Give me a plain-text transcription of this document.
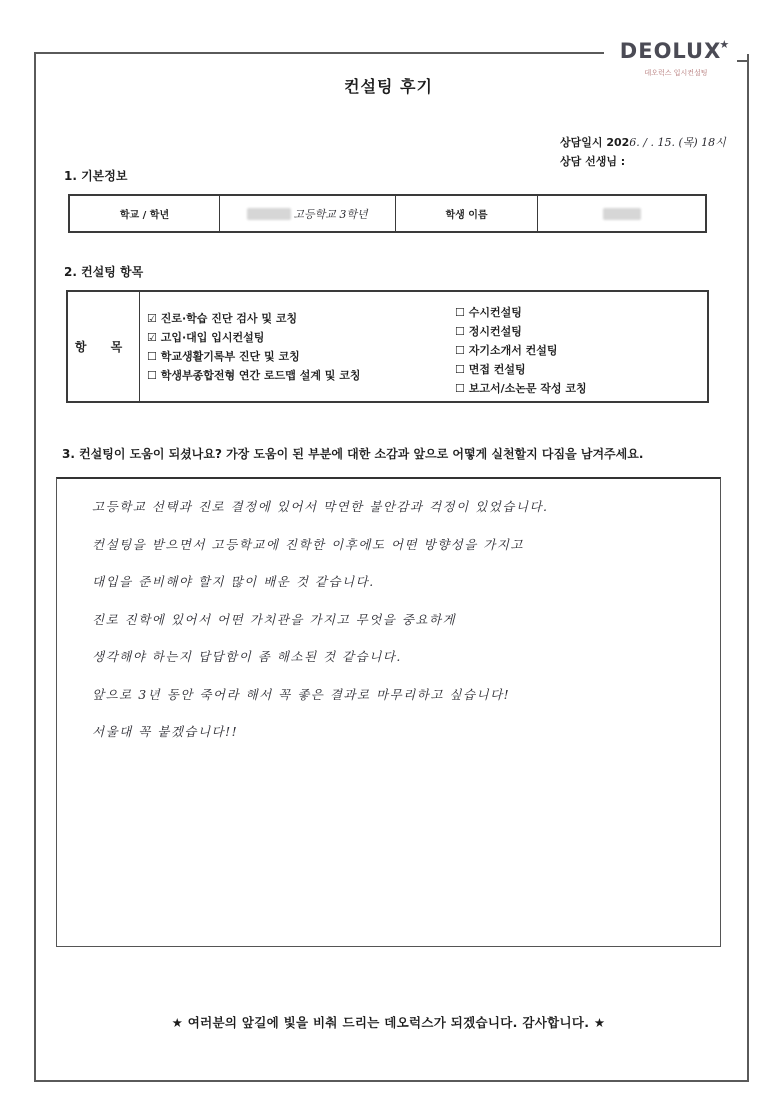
DEOLUX★
데오럭스 입시컨설팅
컨설팅 후기
상담일시 2026. / . 15. (목) 18시
상담 선생님 :
1. 기본정보
학교 / 학년	고등학교 3학년	학생 이름
2. 컨설팅 항목
항 목
☑ 진로·학습 진단 검사 및 코칭
☑ 고입·대입 입시컨설팅
☐ 학교생활기록부 진단 및 코칭
☐ 학생부종합전형 연간 로드맵 설계 및 코칭
☐ 수시컨설팅
☐ 정시컨설팅
☐ 자기소개서 컨설팅
☐ 면접 컨설팅
☐ 보고서/소논문 작성 코칭
3. 컨설팅이 도움이 되셨나요? 가장 도움이 된 부분에 대한 소감과 앞으로 어떻게 실천할지 다짐을 남겨주세요.
고등학교 선택과 진로 결정에 있어서 막연한 불안감과 걱정이 있었습니다.
컨설팅을 받으면서 고등학교에 진학한 이후에도 어떤 방향성을 가지고
대입을 준비해야 할지 많이 배운 것 같습니다.
진로 진학에 있어서 어떤 가치관을 가지고 무엇을 중요하게
생각해야 하는지 답답함이 좀 해소된 것 같습니다.
앞으로 3년 동안 죽어라 해서 꼭 좋은 결과로 마무리하고 싶습니다!
서울대 꼭 붙겠습니다!!
★ 여러분의 앞길에 빛을 비춰 드리는 데오럭스가 되겠습니다. 감사합니다. ★
